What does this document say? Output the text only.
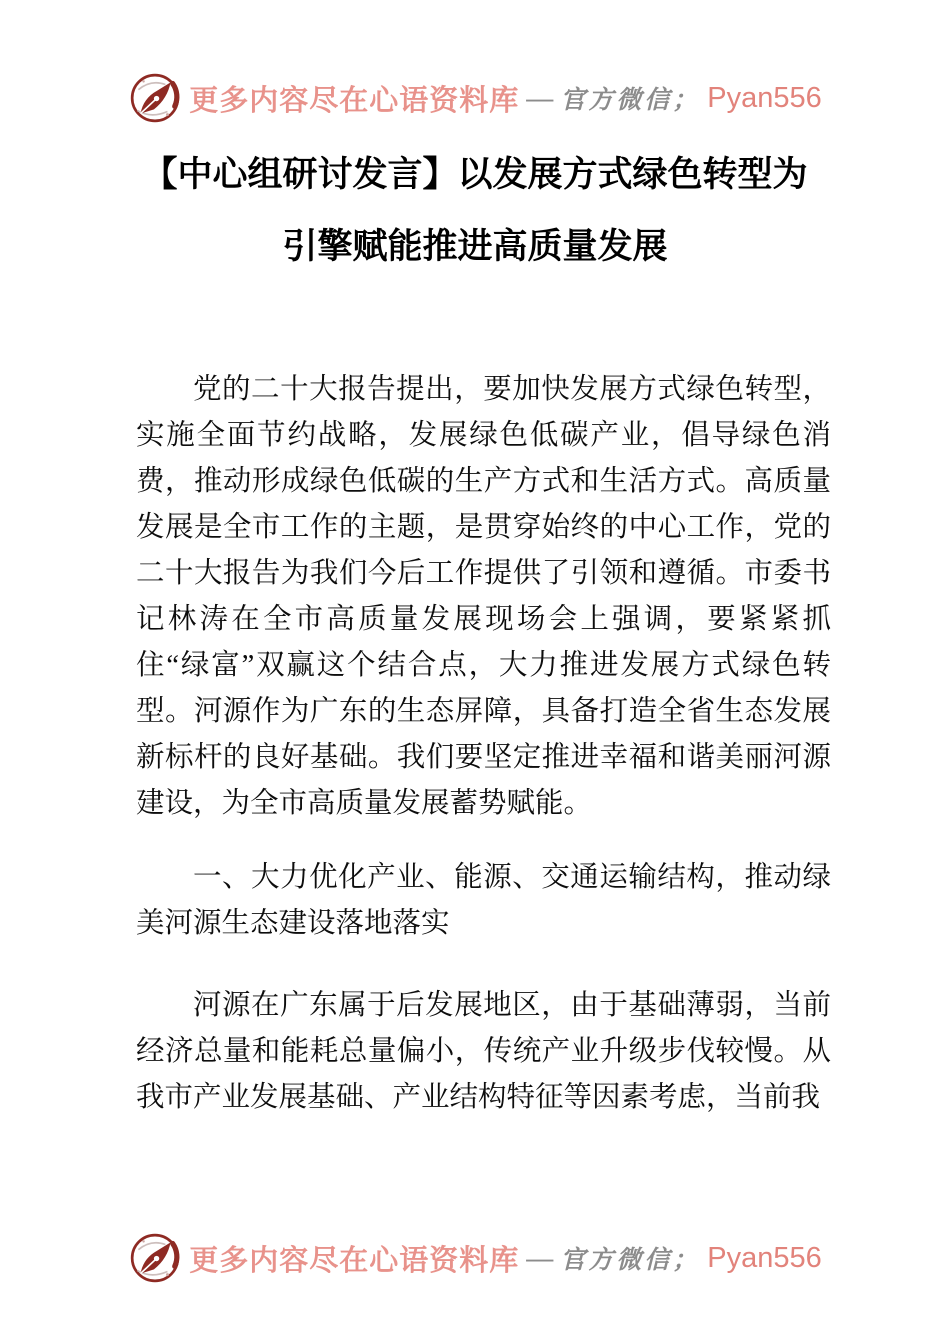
更多内容尽在心语资料库 — 官方微信； Pyan556
【中心组研讨发言】以发展方式绿色转型为
引擎赋能推进高质量发展

党的二十大报告提出，要加快发展方式绿色转型，实施全面节约战略，发展绿色低碳产业，倡导绿色消费，推动形成绿色低碳的生产方式和生活方式。高质量发展是全市工作的主题，是贯穿始终的中心工作，党的二十大报告为我们今后工作提供了引领和遵循。市委书记林涛在全市高质量发展现场会上强调，要紧紧抓住“绿富”双赢这个结合点，大力推进发展方式绿色转型。河源作为广东的生态屏障，具备打造全省生态发展新标杆的良好基础。我们要坚定推进幸福和谐美丽河源建设，为全市高质量发展蓄势赋能。

一、大力优化产业、能源、交通运输结构，推动绿美河源生态建设落地落实

河源在广东属于后发展地区，由于基础薄弱，当前经济总量和能耗总量偏小，传统产业升级步伐较慢。从我市产业发展基础、产业结构特征等因素考虑，当前我

更多内容尽在心语资料库 — 官方微信； Pyan556
